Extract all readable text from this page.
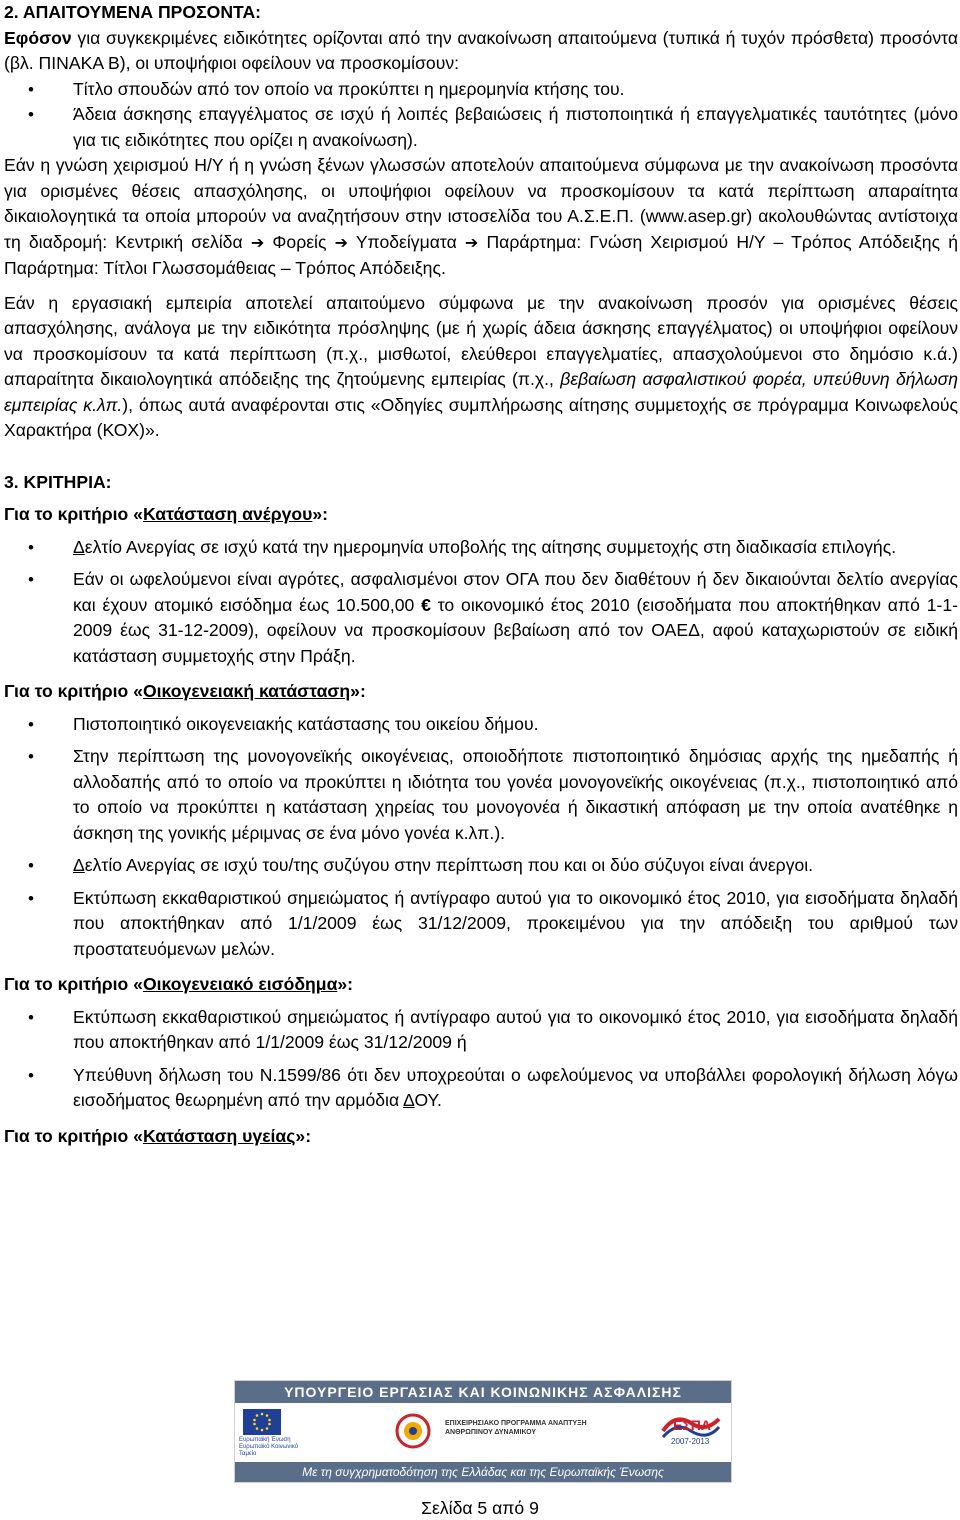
2. ΑΠΑΙΤΟΥΜΕΝΑ ΠΡΟΣΟΝΤΑ:

Εφόσον για συγκεκριμένες ειδικότητες ορίζονται από την ανακοίνωση απαιτούμενα (τυπικά ή τυχόν πρόσθετα) προσόντα (βλ. ΠΙΝΑΚΑ Β), οι υποψήφιοι οφείλουν να προσκομίσουν:

• Τίτλο σπουδών από τον οποίο να προκύπτει η ημερομηνία κτήσης του.
• Άδεια άσκησης επαγγέλματος σε ισχύ ή λοιπές βεβαιώσεις ή πιστοποιητικά ή επαγγελματικές ταυτότητες (μόνο για τις ειδικότητες που ορίζει η ανακοίνωση).

Εάν η γνώση χειρισμού Η/Υ ή η γνώση ξένων γλωσσών αποτελούν απαιτούμενα σύμφωνα με την ανακοίνωση προσόντα για ορισμένες θέσεις απασχόλησης, οι υποψήφιοι οφείλουν να προσκομίσουν τα κατά περίπτωση απαραίτητα δικαιολογητικά τα οποία μπορούν να αναζητήσουν στην ιστοσελίδα του Α.Σ.Ε.Π. (www.asep.gr) ακολουθώντας αντίστοιχα τη διαδρομή: Κεντρική σελίδα ➔ Φορείς ➔ Υποδείγματα ➔ Παράρτημα: Γνώση Χειρισμού Η/Υ – Τρόπος Απόδειξης ή Παράρτημα: Τίτλοι Γλωσσομάθειας – Τρόπος Απόδειξης.

Εάν η εργασιακή εμπειρία αποτελεί απαιτούμενο σύμφωνα με την ανακοίνωση προσόν για ορισμένες θέσεις απασχόλησης, ανάλογα με την ειδικότητα πρόσληψης (με ή χωρίς άδεια άσκησης επαγγέλματος) οι υποψήφιοι οφείλουν να προσκομίσουν τα κατά περίπτωση (π.χ., μισθωτοί, ελεύθεροι επαγγελματίες, απασχολούμενοι στο δημόσιο κ.ά.) απαραίτητα δικαιολογητικά απόδειξης της ζητούμενης εμπειρίας (π.χ., βεβαίωση ασφαλιστικού φορέα, υπεύθυνη δήλωση εμπειρίας κ.λπ.), όπως αυτά αναφέρονται στις «Οδηγίες συμπλήρωσης αίτησης συμμετοχής σε πρόγραμμα Κοινωφελούς Χαρακτήρα (ΚΟΧ)».

3. ΚΡΙΤΗΡΙΑ:

Για το κριτήριο «Κατάσταση ανέργου»:

• Δελτίο Ανεργίας σε ισχύ κατά την ημερομηνία υποβολής της αίτησης συμμετοχής στη διαδικασία επιλογής.
• Εάν οι ωφελούμενοι είναι αγρότες, ασφαλισμένοι στον ΟΓΑ που δεν διαθέτουν ή δεν δικαιούνται δελτίο ανεργίας και έχουν ατομικό εισόδημα έως 10.500,00 € το οικονομικό έτος 2010 (εισοδήματα που αποκτήθηκαν από 1-1-2009 έως 31-12-2009), οφείλουν να προσκομίσουν βεβαίωση από τον ΟΑΕΔ, αφού καταχωριστούν σε ειδική κατάσταση συμμετοχής στην Πράξη.

Για το κριτήριο «Οικογενειακή κατάσταση»:

• Πιστοποιητικό οικογενειακής κατάστασης του οικείου δήμου.
• Στην περίπτωση της μονογονεϊκής οικογένειας, οποιοδήποτε πιστοποιητικό δημόσιας αρχής της ημεδαπής ή αλλοδαπής από το οποίο να προκύπτει η ιδιότητα του γονέα μονογονεϊκής οικογένειας (π.χ., πιστοποιητικό από το οποίο να προκύπτει η κατάσταση χηρείας του μονογονέα ή δικαστική απόφαση με την οποία ανατέθηκε η άσκηση της γονικής μέριμνας σε ένα μόνο γονέα κ.λπ.).
• Δελτίο Ανεργίας σε ισχύ του/της συζύγου στην περίπτωση που και οι δύο σύζυγοι είναι άνεργοι.
• Εκτύπωση εκκαθαριστικού σημειώματος ή αντίγραφο αυτού για το οικονομικό έτος 2010, για εισοδήματα δηλαδή που αποκτήθηκαν από 1/1/2009 έως 31/12/2009, προκειμένου για την απόδειξη του αριθμού των προστατευόμενων μελών.

Για το κριτήριο «Οικογενειακό εισόδημα»:

• Εκτύπωση εκκαθαριστικού σημειώματος ή αντίγραφο αυτού για το οικονομικό έτος 2010, για εισοδήματα δηλαδή που αποκτήθηκαν από 1/1/2009 έως 31/12/2009 ή
• Υπεύθυνη δήλωση του Ν.1599/86 ότι δεν υποχρεούται ο ωφελούμενος να υποβάλλει φορολογική δήλωση λόγω εισοδήματος θεωρημένη από την αρμόδια ΔΟΥ.

Για το κριτήριο «Κατάσταση υγείας»:

ΥΠΟΥΡΓΕΙΟ ΕΡΓΑΣΙΑΣ ΚΑΙ ΚΟΙΝΩΝΙΚΗΣ ΑΣΦΑΛΙΣΗΣ
Ευρωπαϊκή Ένωση Ευρωπαϊκό Κοινωνικό Ταμείο
ΕΠΙΧΕΙΡΗΣΙΑΚΟ ΠΡΟΓΡΑΜΜΑ ΑΝΑΠΤΥΞΗ ΑΝΘΡΩΠΙΝΟΥ ΔΥΝΑΜΙΚΟΥ	ΕΣΠΑ
2007-2013
Με τη συγχρηματοδότηση της Ελλάδας και της Ευρωπαϊκής Ένωσης
Σελίδα 5 από 9
